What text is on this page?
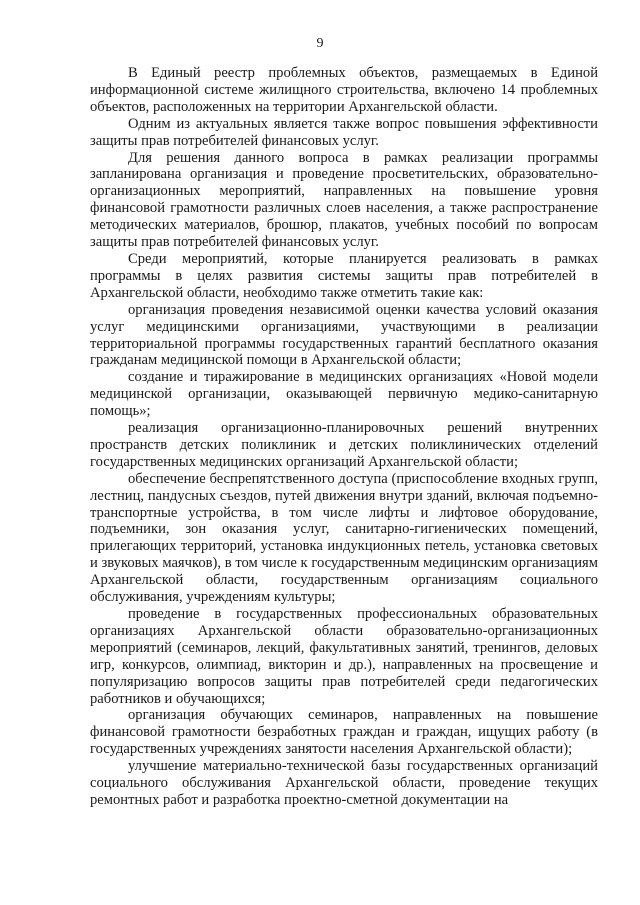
9

В Единый реестр проблемных объектов, размещаемых в Единой информационной системе жилищного строительства, включено 14 проблемных объектов, расположенных на территории Архангельской области.

Одним из актуальных является также вопрос повышения эффективности защиты прав потребителей финансовых услуг.

Для решения данного вопроса в рамках реализации программы запланирована организация и проведение просветительских, образовательно-организационных мероприятий, направленных на повышение уровня финансовой грамотности различных слоев населения, а также распространение методических материалов, брошюр, плакатов, учебных пособий по вопросам защиты прав потребителей финансовых услуг.

Среди мероприятий, которые планируется реализовать в рамках программы в целях развития системы защиты прав потребителей в Архангельской области, необходимо также отметить такие как:

организация проведения независимой оценки качества условий оказания услуг медицинскими организациями, участвующими в реализации территориальной программы государственных гарантий бесплатного оказания гражданам медицинской помощи в Архангельской области;

создание и тиражирование в медицинских организациях «Новой модели медицинской организации, оказывающей первичную медико-санитарную помощь»;

реализация организационно-планировочных решений внутренних пространств детских поликлиник и детских поликлинических отделений государственных медицинских организаций Архангельской области;

обеспечение беспрепятственного доступа (приспособление входных групп, лестниц, пандусных съездов, путей движения внутри зданий, включая подъемно-транспортные устройства, в том числе лифты и лифтовое оборудование, подъемники, зон оказания услуг, санитарно-гигиенических помещений, прилегающих территорий, установка индукционных петель, установка световых и звуковых маячков), в том числе к государственным медицинским организациям Архангельской области, государственным организациям социального обслуживания, учреждениям культуры;

проведение в государственных профессиональных образовательных организациях Архангельской области образовательно-организационных мероприятий (семинаров, лекций, факультативных занятий, тренингов, деловых игр, конкурсов, олимпиад, викторин и др.), направленных на просвещение и популяризацию вопросов защиты прав потребителей среди педагогических работников и обучающихся;

организация обучающих семинаров, направленных на повышение финансовой грамотности безработных граждан и граждан, ищущих работу (в государственных учреждениях занятости населения Архангельской области);

улучшение материально-технической базы государственных организаций социального обслуживания Архангельской области, проведение текущих ремонтных работ и разработка проектно-сметной документации на
